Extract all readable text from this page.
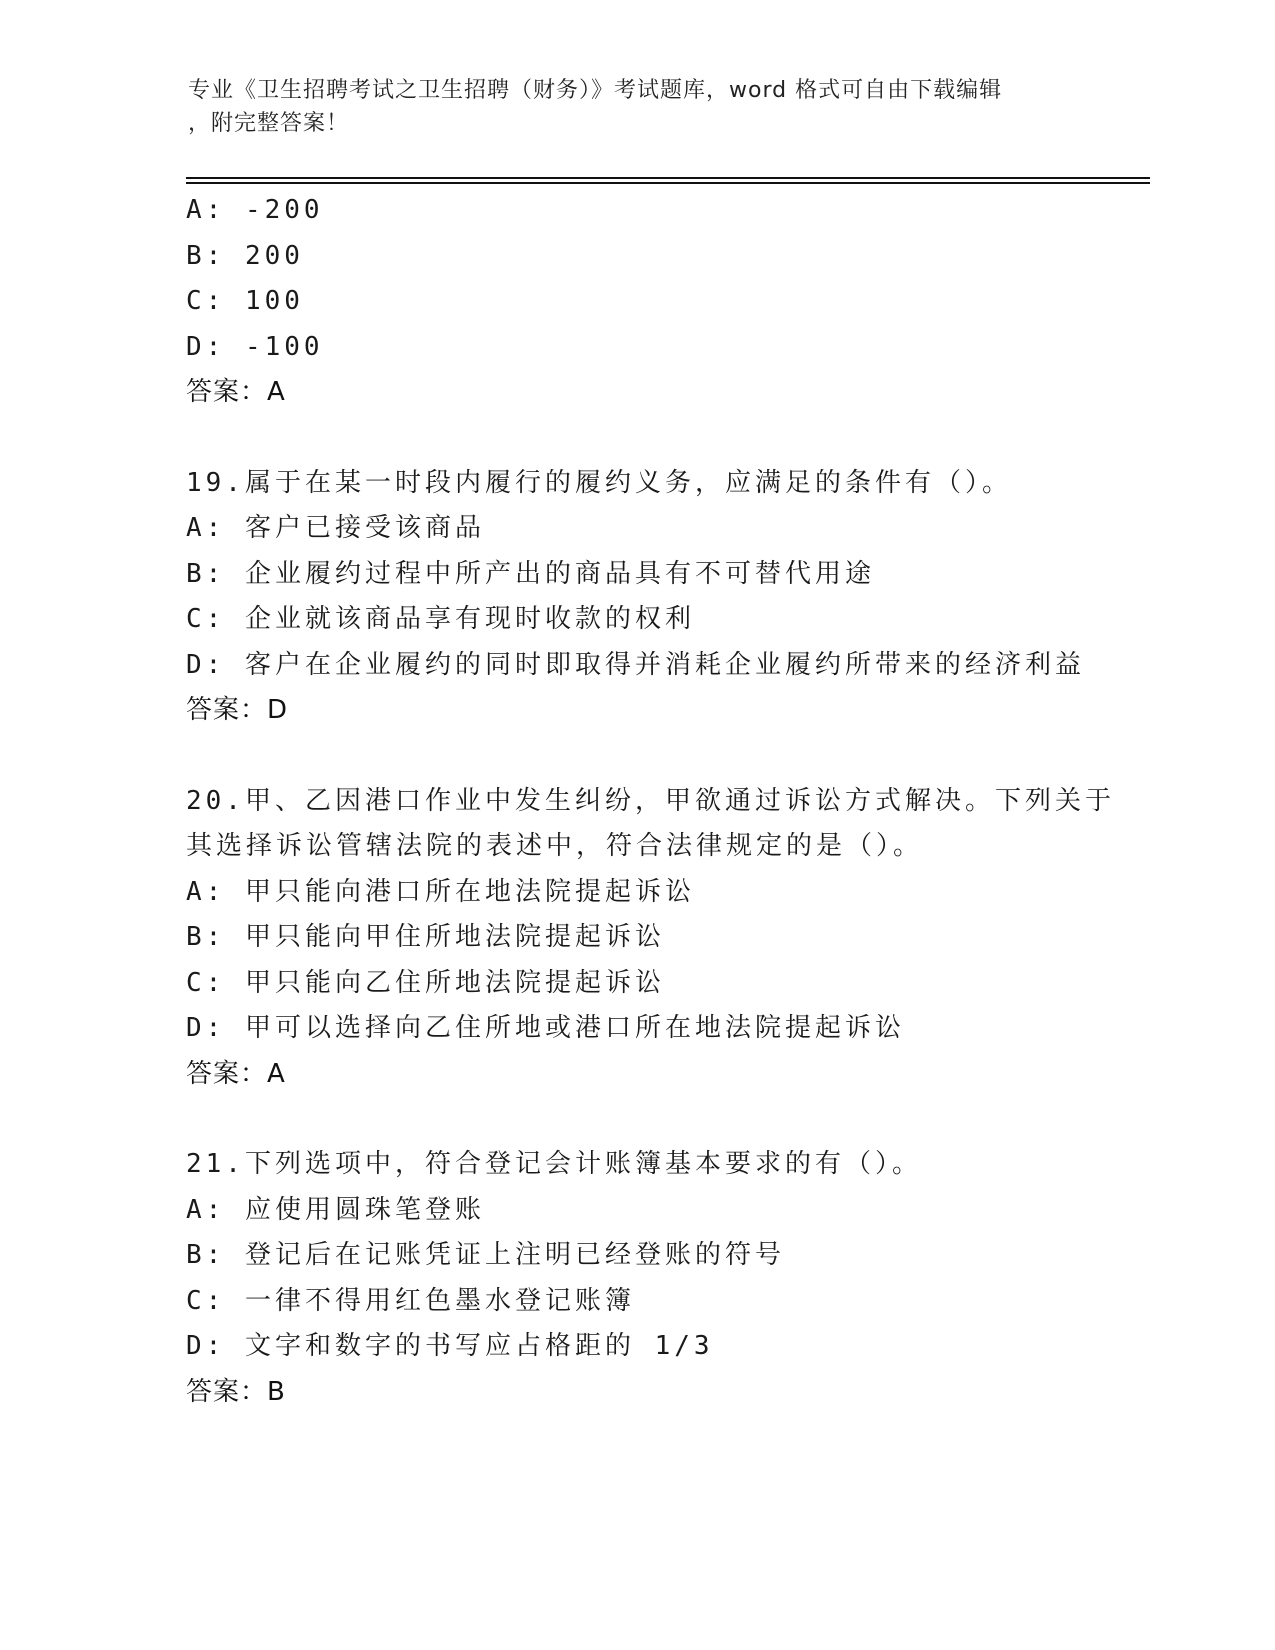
专业《卫生招聘考试之卫生招聘（财务）》考试题库，word 格式可自由下载编辑
，附完整答案！
A: -200
B: 200
C: 100
D: -100
答案：A
19.属于在某一时段内履行的履约义务，应满足的条件有（）。
A: 客户已接受该商品
B: 企业履约过程中所产出的商品具有不可替代用途
C: 企业就该商品享有现时收款的权利
D: 客户在企业履约的同时即取得并消耗企业履约所带来的经济利益
答案：D
20.甲、乙因港口作业中发生纠纷，甲欲通过诉讼方式解决。下列关于
其选择诉讼管辖法院的表述中，符合法律规定的是（）。
A: 甲只能向港口所在地法院提起诉讼
B: 甲只能向甲住所地法院提起诉讼
C: 甲只能向乙住所地法院提起诉讼
D: 甲可以选择向乙住所地或港口所在地法院提起诉讼
答案：A
21.下列选项中，符合登记会计账簿基本要求的有（）。
A: 应使用圆珠笔登账
B: 登记后在记账凭证上注明已经登账的符号
C: 一律不得用红色墨水登记账簿
D: 文字和数字的书写应占格距的 1/3
答案：B
